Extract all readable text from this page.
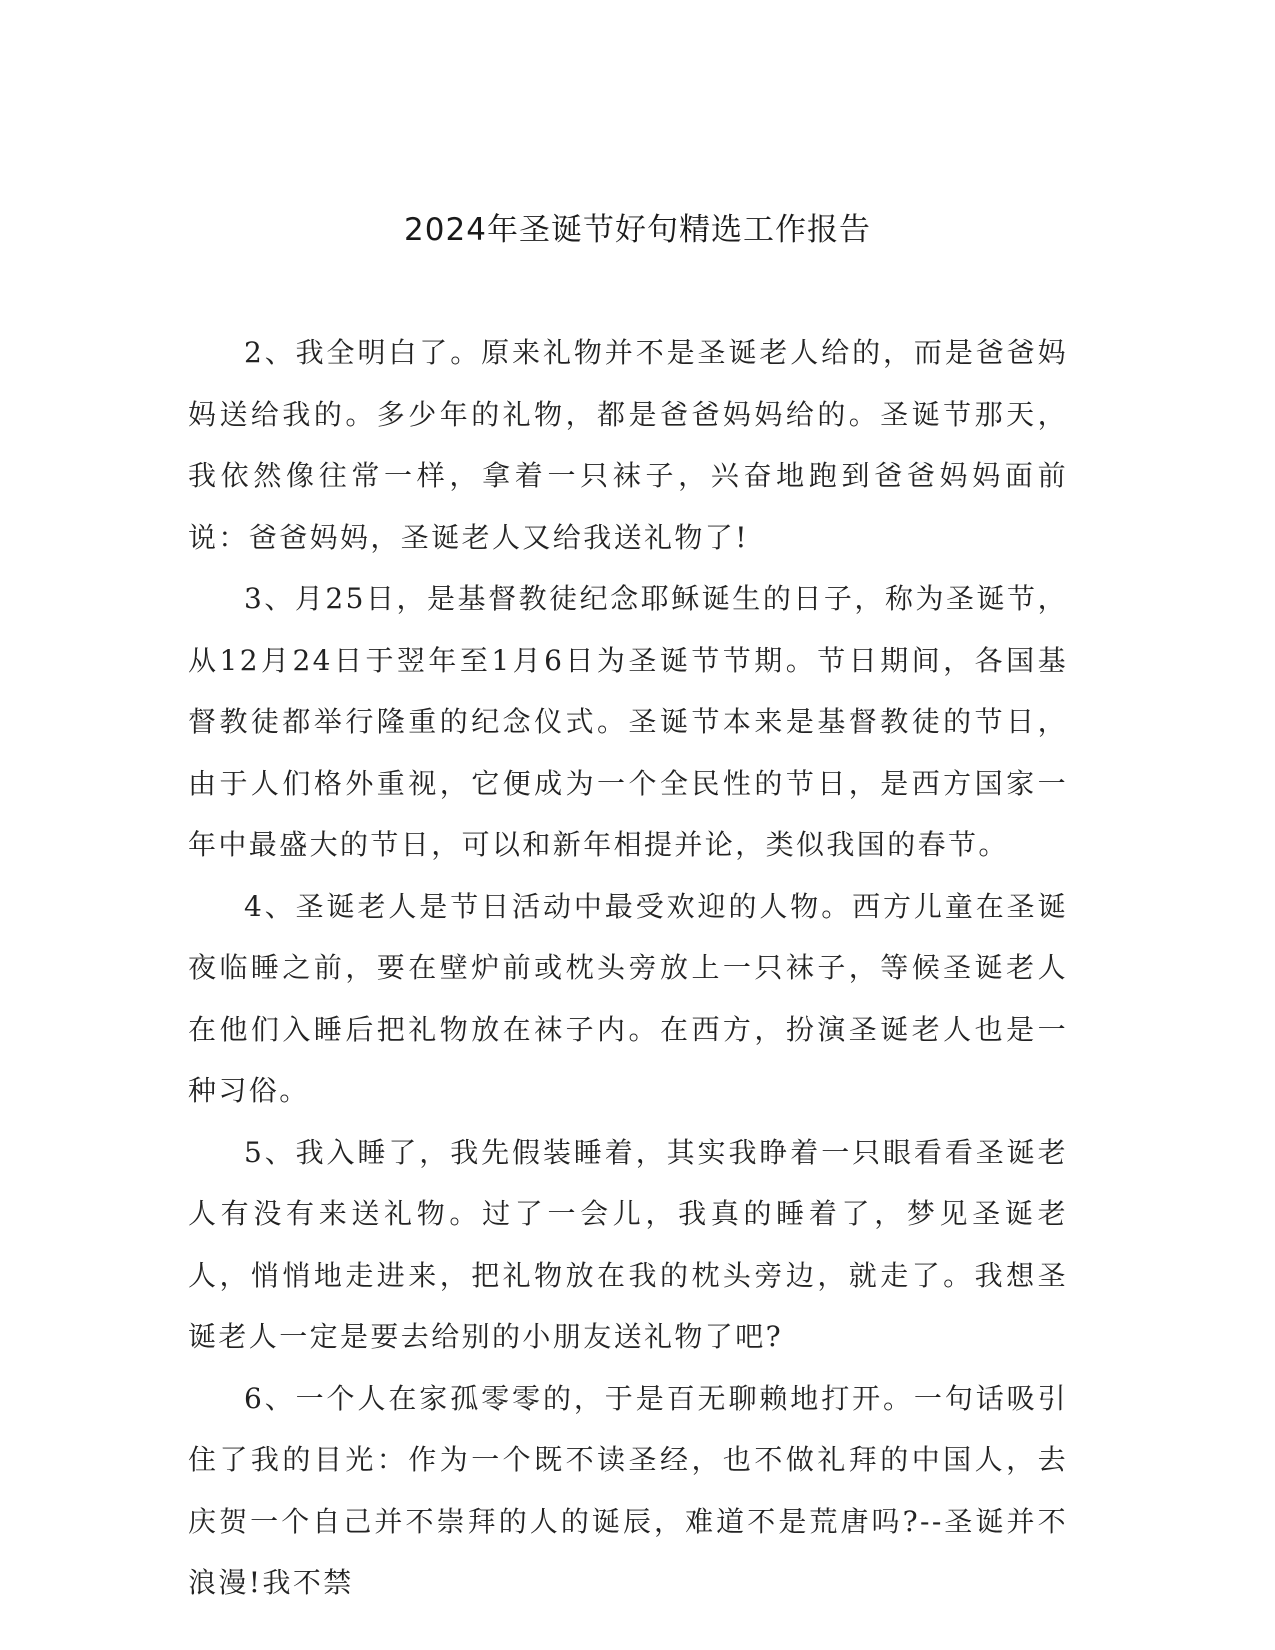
2024年圣诞节好句精选工作报告

2、我全明白了。原来礼物并不是圣诞老人给的，而是爸爸妈妈送给我的。多少年的礼物，都是爸爸妈妈给的。圣诞节那天，我依然像往常一样，拿着一只袜子，兴奋地跑到爸爸妈妈面前说：爸爸妈妈，圣诞老人又给我送礼物了!

3、月25日，是基督教徒纪念耶稣诞生的日子，称为圣诞节，从12月24日于翌年至1月6日为圣诞节节期。节日期间，各国基督教徒都举行隆重的纪念仪式。圣诞节本来是基督教徒的节日，由于人们格外重视，它便成为一个全民性的节日，是西方国家一年中最盛大的节日，可以和新年相提并论，类似我国的春节。

4、圣诞老人是节日活动中最受欢迎的人物。西方儿童在圣诞夜临睡之前，要在壁炉前或枕头旁放上一只袜子，等候圣诞老人在他们入睡后把礼物放在袜子内。在西方，扮演圣诞老人也是一种习俗。

5、我入睡了，我先假装睡着，其实我睁着一只眼看看圣诞老人有没有来送礼物。过了一会儿，我真的睡着了，梦见圣诞老人，悄悄地走进来，把礼物放在我的枕头旁边，就走了。我想圣诞老人一定是要去给别的小朋友送礼物了吧?

6、一个人在家孤零零的，于是百无聊赖地打开。一句话吸引住了我的目光：作为一个既不读圣经，也不做礼拜的中国人，去庆贺一个自己并不崇拜的人的诞辰，难道不是荒唐吗?--圣诞并不浪漫!我不禁
